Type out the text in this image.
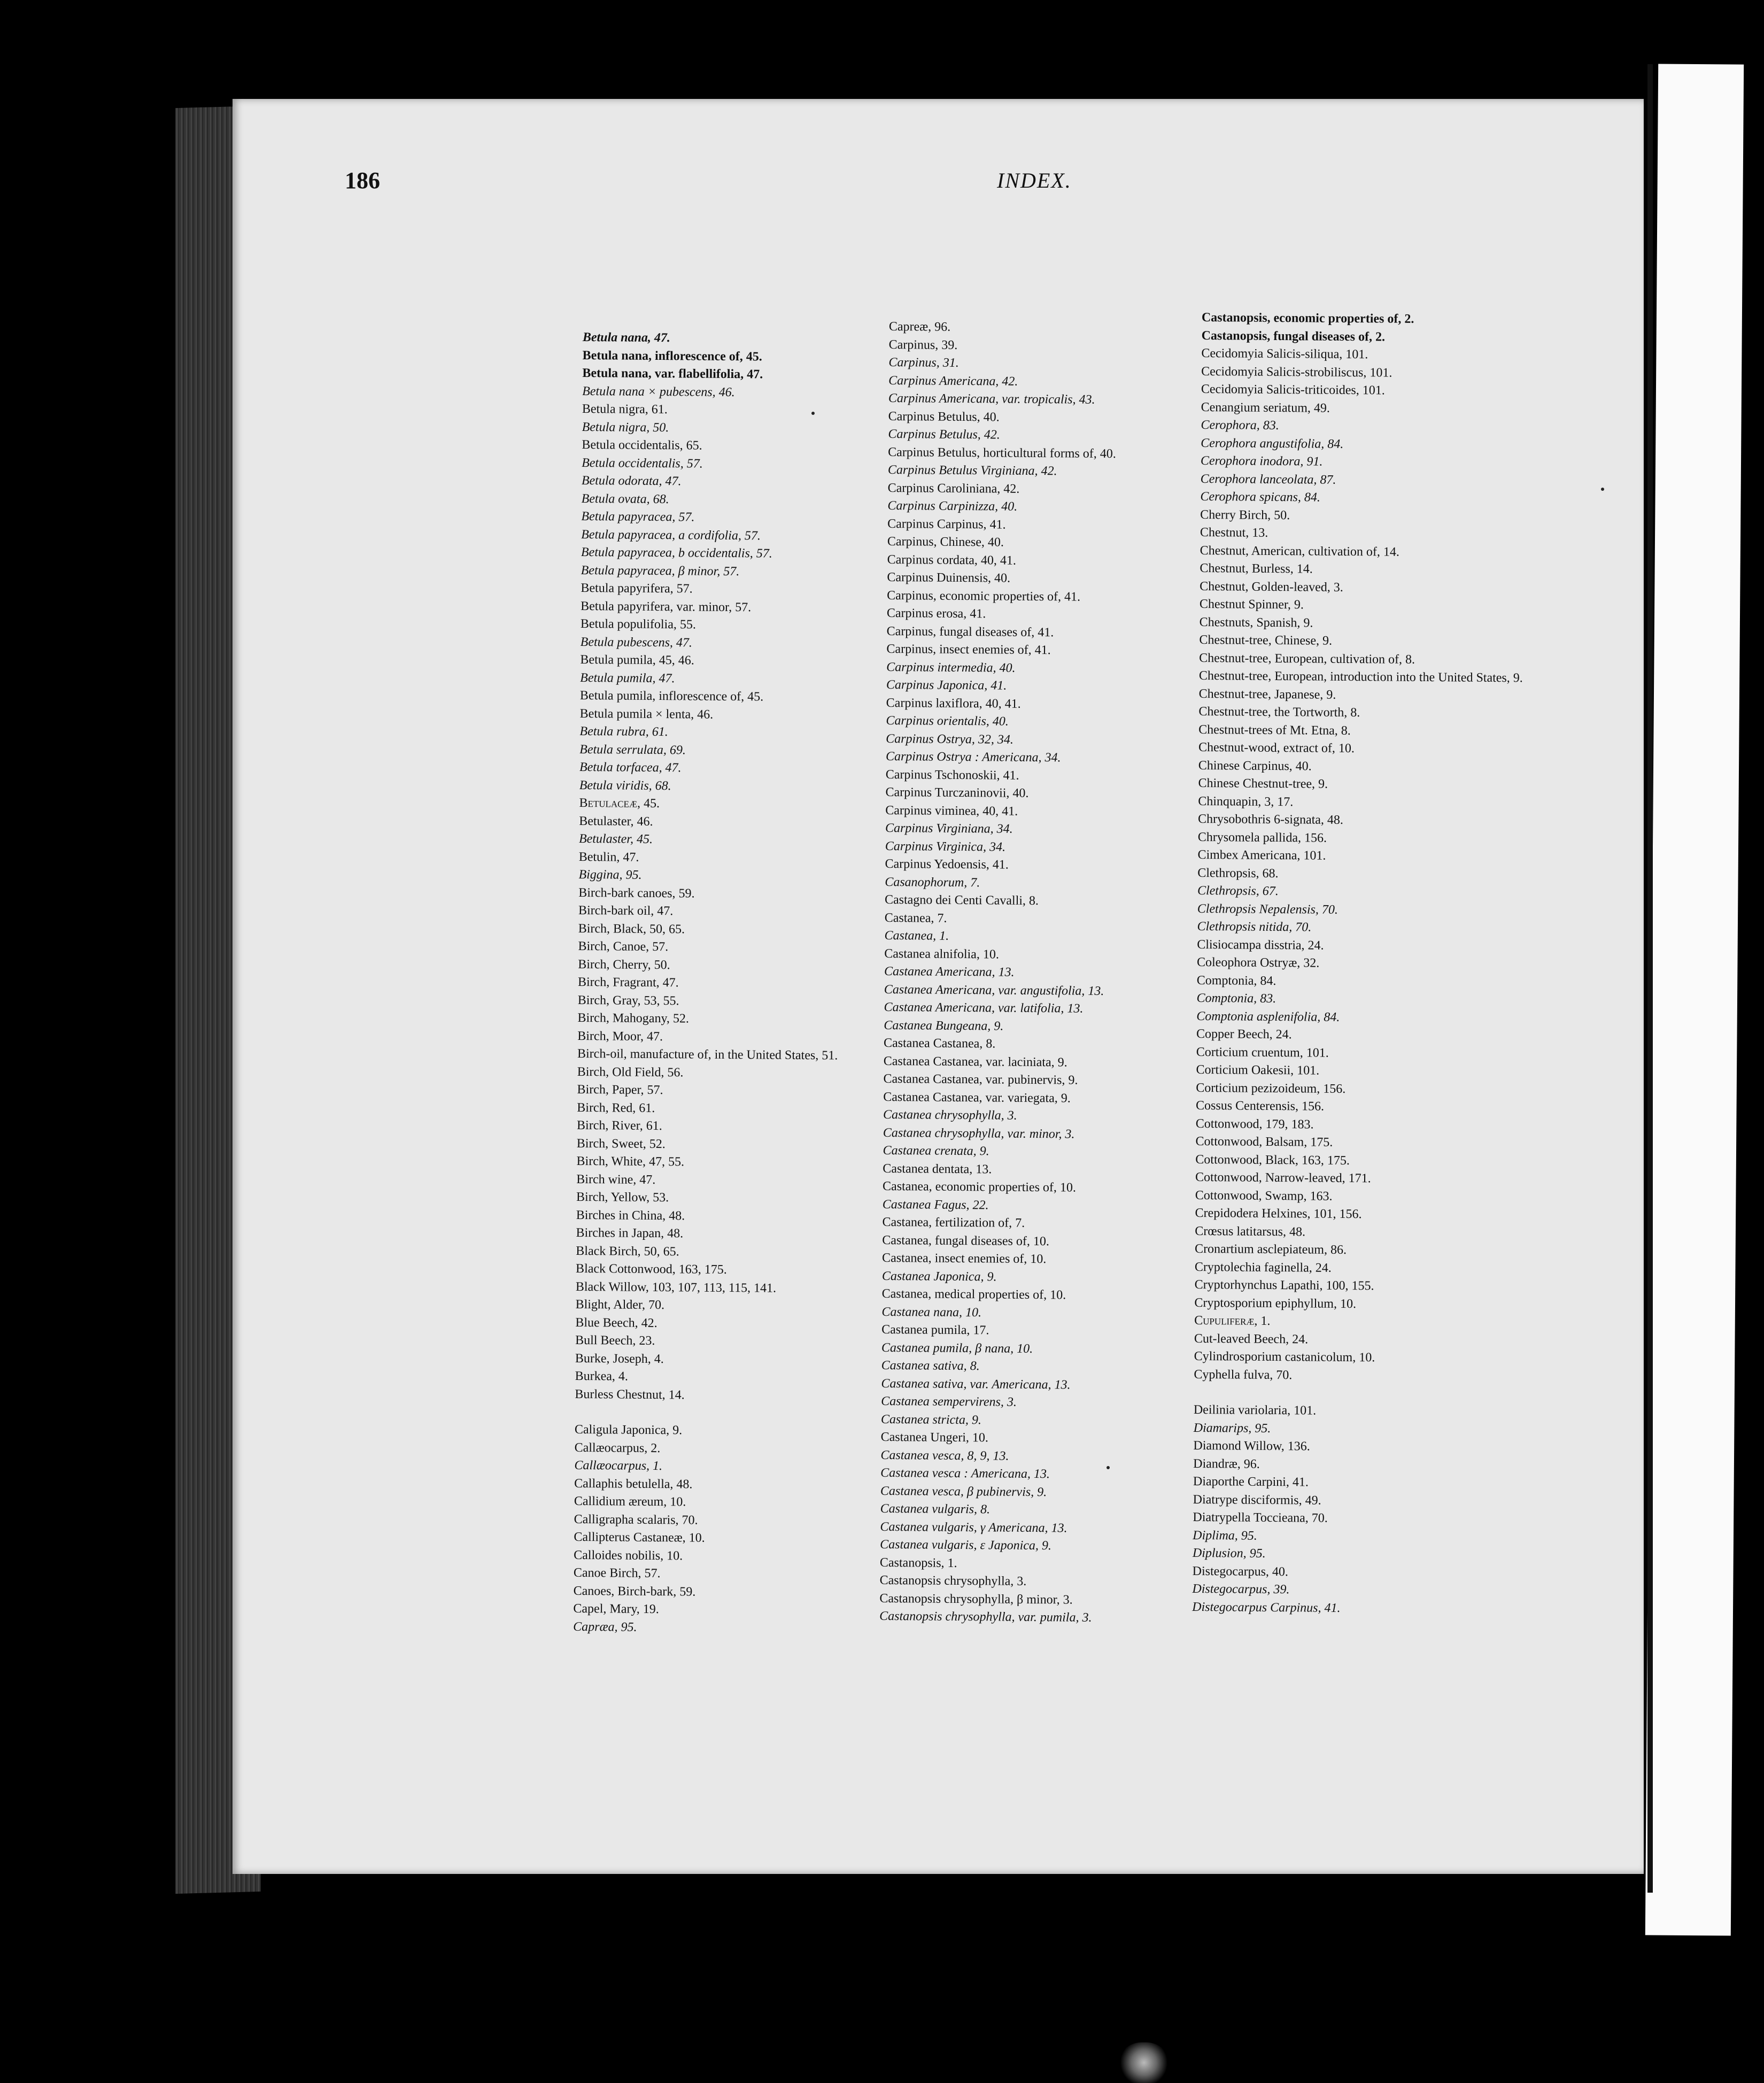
186	INDEX.
Betula nana, 47.
Betula nana, inflorescence of, 45.
Betula nana, var. flabellifolia, 47.
Betula nana × pubescens, 46.
Betula nigra, 61.
Betula nigra, 50.
Betula occidentalis, 65.
Betula occidentalis, 57.
Betula odorata, 47.
Betula ovata, 68.
Betula papyracea, 57.
Betula papyracea, a cordifolia, 57.
Betula papyracea, b occidentalis, 57.
Betula papyracea, β minor, 57.
Betula papyrifera, 57.
Betula papyrifera, var. minor, 57.
Betula populifolia, 55.
Betula pubescens, 47.
Betula pumila, 45, 46.
Betula pumila, 47.
Betula pumila, inflorescence of, 45.
Betula pumila × lenta, 46.
Betula rubra, 61.
Betula serrulata, 69.
Betula torfacea, 47.
Betula viridis, 68.
Betulaceæ, 45.
Betulaster, 46.
Betulaster, 45.
Betulin, 47.
Biggina, 95.
Birch-bark canoes, 59.
Birch-bark oil, 47.
Birch, Black, 50, 65.
Birch, Canoe, 57.
Birch, Cherry, 50.
Birch, Fragrant, 47.
Birch, Gray, 53, 55.
Birch, Mahogany, 52.
Birch, Moor, 47.
Birch-oil, manufacture of, in the United States, 51.
Birch, Old Field, 56.
Birch, Paper, 57.
Birch, Red, 61.
Birch, River, 61.
Birch, Sweet, 52.
Birch, White, 47, 55.
Birch wine, 47.
Birch, Yellow, 53.
Birches in China, 48.
Birches in Japan, 48.
Black Birch, 50, 65.
Black Cottonwood, 163, 175.
Black Willow, 103, 107, 113, 115, 141.
Blight, Alder, 70.
Blue Beech, 42.
Bull Beech, 23.
Burke, Joseph, 4.
Burkea, 4.
Burless Chestnut, 14.
Caligula Japonica, 9.
Callæocarpus, 2.
Callæocarpus, 1.
Callaphis betulella, 48.
Callidium æreum, 10.
Calligrapha scalaris, 70.
Callipterus Castaneæ, 10.
Calloides nobilis, 10.
Canoe Birch, 57.
Canoes, Birch-bark, 59.
Capel, Mary, 19.
Capræa, 95.
Capreæ, 96.
Carpinus, 39.
Carpinus, 31.
Carpinus Americana, 42.
Carpinus Americana, var. tropicalis, 43.
Carpinus Betulus, 40.
Carpinus Betulus, 42.
Carpinus Betulus, horticultural forms of, 40.
Carpinus Betulus Virginiana, 42.
Carpinus Caroliniana, 42.
Carpinus Carpinizza, 40.
Carpinus Carpinus, 41.
Carpinus, Chinese, 40.
Carpinus cordata, 40, 41.
Carpinus Duinensis, 40.
Carpinus, economic properties of, 41.
Carpinus erosa, 41.
Carpinus, fungal diseases of, 41.
Carpinus, insect enemies of, 41.
Carpinus intermedia, 40.
Carpinus Japonica, 41.
Carpinus laxiflora, 40, 41.
Carpinus orientalis, 40.
Carpinus Ostrya, 32, 34.
Carpinus Ostrya : Americana, 34.
Carpinus Tschonoskii, 41.
Carpinus Turczaninovii, 40.
Carpinus viminea, 40, 41.
Carpinus Virginiana, 34.
Carpinus Virginica, 34.
Carpinus Yedoensis, 41.
Casanophorum, 7.
Castagno dei Centi Cavalli, 8.
Castanea, 7.
Castanea, 1.
Castanea alnifolia, 10.
Castanea Americana, 13.
Castanea Americana, var. angustifolia, 13.
Castanea Americana, var. latifolia, 13.
Castanea Bungeana, 9.
Castanea Castanea, 8.
Castanea Castanea, var. laciniata, 9.
Castanea Castanea, var. pubinervis, 9.
Castanea Castanea, var. variegata, 9.
Castanea chrysophylla, 3.
Castanea chrysophylla, var. minor, 3.
Castanea crenata, 9.
Castanea dentata, 13.
Castanea, economic properties of, 10.
Castanea Fagus, 22.
Castanea, fertilization of, 7.
Castanea, fungal diseases of, 10.
Castanea, insect enemies of, 10.
Castanea Japonica, 9.
Castanea, medical properties of, 10.
Castanea nana, 10.
Castanea pumila, 17.
Castanea pumila, β nana, 10.
Castanea sativa, 8.
Castanea sativa, var. Americana, 13.
Castanea sempervirens, 3.
Castanea stricta, 9.
Castanea Ungeri, 10.
Castanea vesca, 8, 9, 13.
Castanea vesca : Americana, 13.
Castanea vesca, β pubinervis, 9.
Castanea vulgaris, 8.
Castanea vulgaris, γ Americana, 13.
Castanea vulgaris, ε Japonica, 9.
Castanopsis, 1.
Castanopsis chrysophylla, 3.
Castanopsis chrysophylla, β minor, 3.
Castanopsis chrysophylla, var. pumila, 3.
Castanopsis, economic properties of, 2.
Castanopsis, fungal diseases of, 2.
Cecidomyia Salicis-siliqua, 101.
Cecidomyia Salicis-strobiliscus, 101.
Cecidomyia Salicis-triticoides, 101.
Cenangium seriatum, 49.
Cerophora, 83.
Cerophora angustifolia, 84.
Cerophora inodora, 91.
Cerophora lanceolata, 87.
Cerophora spicans, 84.
Cherry Birch, 50.
Chestnut, 13.
Chestnut, American, cultivation of, 14.
Chestnut, Burless, 14.
Chestnut, Golden-leaved, 3.
Chestnut Spinner, 9.
Chestnuts, Spanish, 9.
Chestnut-tree, Chinese, 9.
Chestnut-tree, European, cultivation of, 8.
Chestnut-tree, European, introduction into the United States, 9.
Chestnut-tree, Japanese, 9.
Chestnut-tree, the Tortworth, 8.
Chestnut-trees of Mt. Etna, 8.
Chestnut-wood, extract of, 10.
Chinese Carpinus, 40.
Chinese Chestnut-tree, 9.
Chinquapin, 3, 17.
Chrysobothris 6-signata, 48.
Chrysomela pallida, 156.
Cimbex Americana, 101.
Clethropsis, 68.
Clethropsis, 67.
Clethropsis Nepalensis, 70.
Clethropsis nitida, 70.
Clisiocampa disstria, 24.
Coleophora Ostryæ, 32.
Comptonia, 84.
Comptonia, 83.
Comptonia asplenifolia, 84.
Copper Beech, 24.
Corticium cruentum, 101.
Corticium Oakesii, 101.
Corticium pezizoideum, 156.
Cossus Centerensis, 156.
Cottonwood, 179, 183.
Cottonwood, Balsam, 175.
Cottonwood, Black, 163, 175.
Cottonwood, Narrow-leaved, 171.
Cottonwood, Swamp, 163.
Crepidodera Helxines, 101, 156.
Crœsus latitarsus, 48.
Cronartium asclepiateum, 86.
Cryptolechia faginella, 24.
Cryptorhynchus Lapathi, 100, 155.
Cryptosporium epiphyllum, 10.
Cupuliferæ, 1.
Cut-leaved Beech, 24.
Cylindrosporium castanicolum, 10.
Cyphella fulva, 70.
Deilinia variolaria, 101.
Diamarips, 95.
Diamond Willow, 136.
Diandræ, 96.
Diaporthe Carpini, 41.
Diatrype disciformis, 49.
Diatrypella Toccieana, 70.
Diplima, 95.
Diplusion, 95.
Distegocarpus, 40.
Distegocarpus, 39.
Distegocarpus Carpinus, 41.
